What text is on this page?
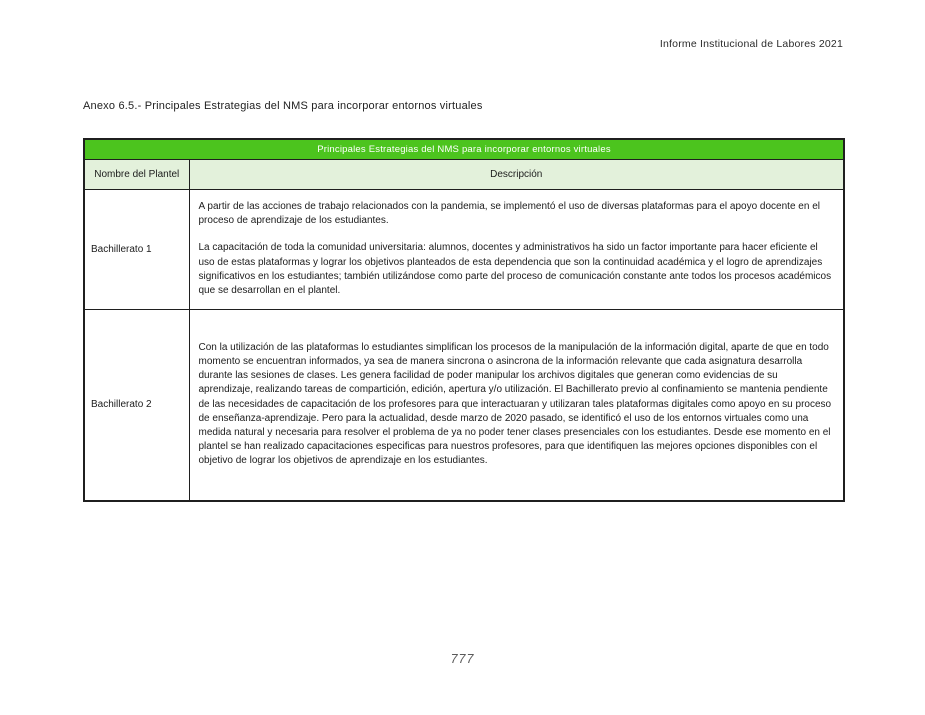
Informe Institucional de Labores 2021
Anexo 6.5.- Principales Estrategias del NMS para incorporar entornos virtuales
Principales Estrategias del NMS para incorporar entornos virtuales	
Nombre del Plantel	Descripción
Bachillerato 1	A partir de las acciones de trabajo relacionados con la pandemia, se implementó el uso de diversas plataformas para el apoyo docente en el proceso de aprendizaje de los estudiantes.

La capacitación de toda la comunidad universitaria: alumnos, docentes y administrativos ha sido un factor importante para hacer eficiente el uso de estas plataformas y lograr los objetivos planteados de esta dependencia que son la continuidad académica y el logro de aprendizajes significativos en los estudiantes; también utilizándose como parte del proceso de comunicación constante ante todos los procesos académicos que se desarrollan en el plantel.

Bachillerato 2	Con la utilización de las plataformas lo estudiantes simplifican los procesos de la manipulación de la información digital, aparte de que en todo momento se encuentran informados, ya sea de manera sincrona o asincrona de la información relevante que cada asignatura desarrolla durante las sesiones de clases. Les genera facilidad de poder manipular los archivos digitales que generan como evidencias de su aprendizaje, realizando tareas de compartición, edición, apertura y/o utilización. El Bachillerato previo al confinamiento se mantenia pendiente de las necesidades de capacitación de los profesores para que interactuaran y utilizaran tales plataformas digitales como apoyo en su proceso de enseñanza-aprendizaje. Pero para la actualidad, desde marzo de 2020 pasado, se identificó el uso de los entornos virtuales como una medida natural y necesaria para resolver el problema de ya no poder tener clases presenciales con los estudiantes. Desde ese momento en el plantel se han realizado capacitaciones especificas para nuestros profesores, para que identifiquen las mejores opciones disponibles con el objetivo de lograr los objetivos de aprendizaje en los estudiantes.

777
